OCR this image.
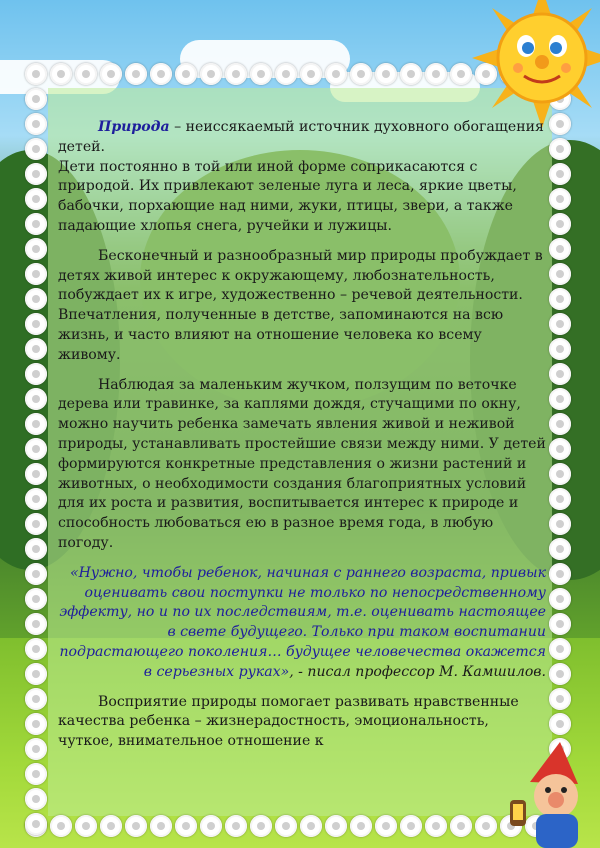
Природа – неиссякаемый источник духовного обогащения детей.
Дети постоянно в той или иной форме соприкасаются с природой. Их привлекают зеленые луга и леса, яркие цветы, бабочки, порхающие над ними, жуки, птицы, звери, а также падающие хлопья снега, ручейки и лужицы.

Бесконечный и разнообразный мир природы пробуждает в детях живой интерес к окружающему, любознательность, побуждает их к игре, художественно – речевой деятельности. Впечатления, полученные в детстве, запоминаются на всю жизнь, и часто влияют на отношение человека ко всему живому.

Наблюдая за маленьким жучком, ползущим по веточке дерева или травинке, за каплями дождя, стучащими по окну, можно научить ребенка замечать явления живой и неживой природы, устанавливать простейшие связи между ними. У детей формируются конкретные представления о жизни растений и животных, о необходимости создания благоприятных условий для их роста и развития, воспитывается интерес к природе и способность любоваться ею в разное время года, в любую погоду.

«Нужно, чтобы ребенок, начиная с раннего возраста, привык оценивать свои поступки не только по непосредственному эффекту, но и по их последствиям, т.е. оценивать настоящее в свете будущего. Только при таком воспитании подрастающего поколения… будущее человечества окажется в серьезных руках», - писал профессор М. Камшилов.

Восприятие природы помогает развивать нравственные качества ребенка – жизнерадостность, эмоциональность, чуткое, внимательное отношение к
